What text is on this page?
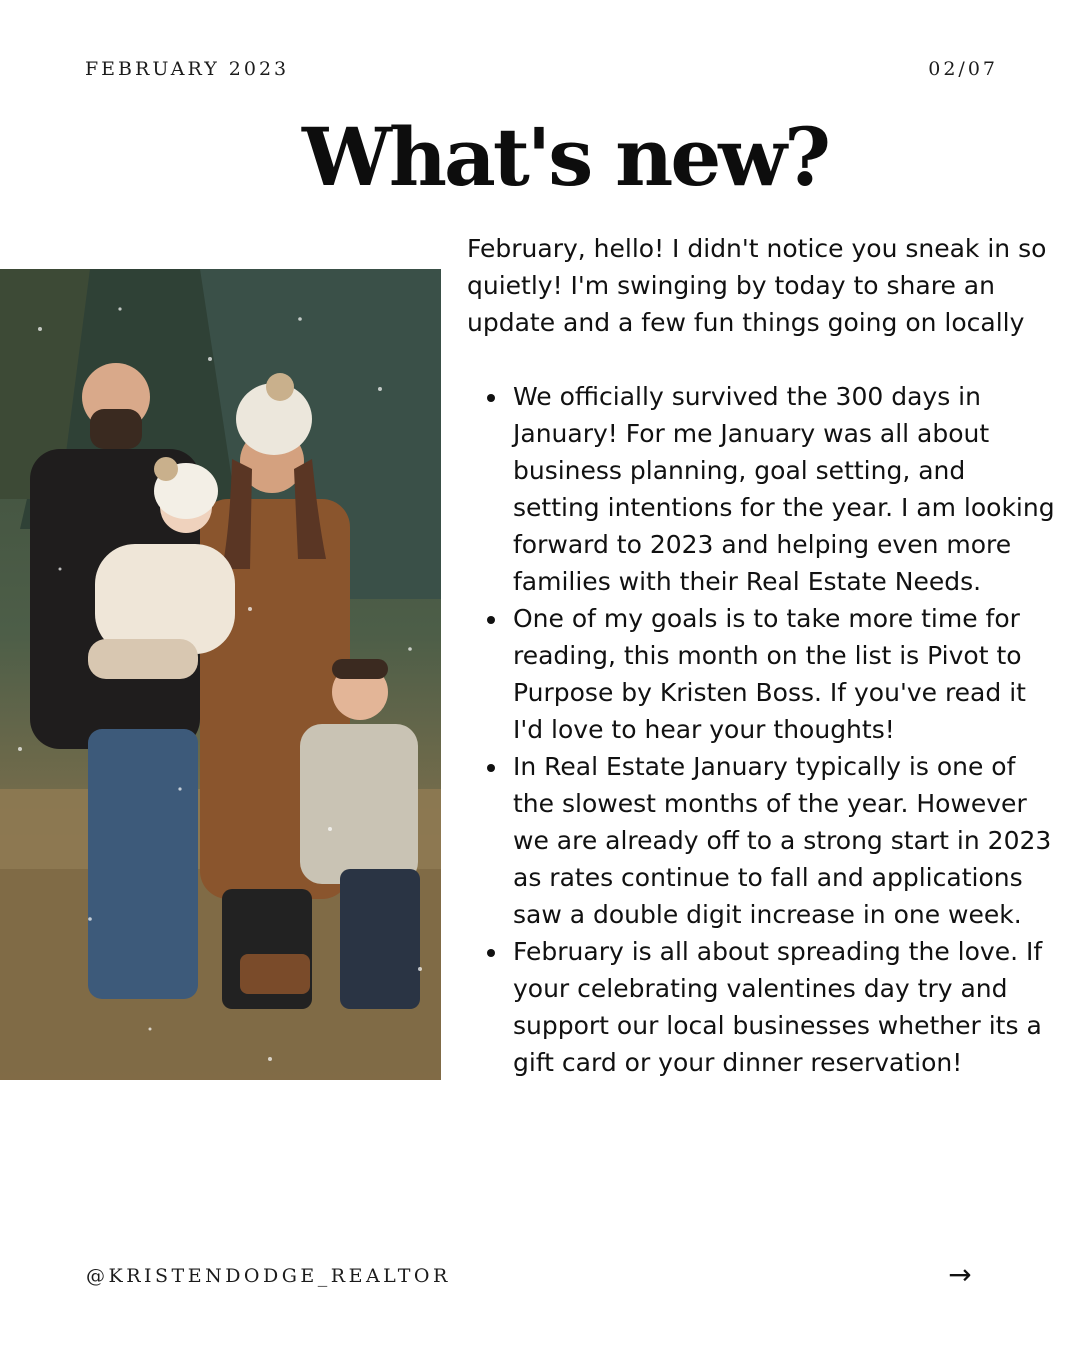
FEBRUARY 2023	02/07
What's new?

February, hello! I didn't notice you sneak in so quietly! I'm swinging by today to share an update and a few fun things going on locally

We officially survived the 300 days in January! For me January was all about business planning, goal setting, and setting intentions for the year. I am looking forward to 2023 and helping even more families with their Real Estate Needs.
One of my goals is to take more time for reading, this month on the list is Pivot to Purpose by Kristen Boss. If you've read it I'd love to hear your thoughts!
In Real Estate January typically is one of the slowest months of the year. However we are already off to a strong start in 2023 as rates continue to fall and applications saw a double digit increase in one week.
February is all about spreading the love. If your celebrating valentines day try and support our local businesses whether its a gift card or your dinner reservation!
@KRISTENDODGE_REALTOR	→
